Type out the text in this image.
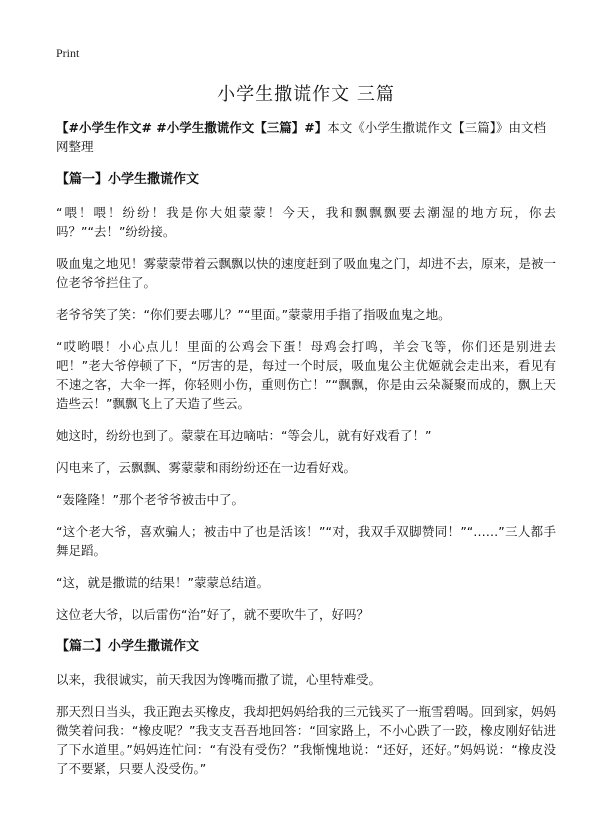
Print
小学生撒谎作文 三篇

【#小学生作文# #小学生撒谎作文【三篇】#】本文《小学生撒谎作文【三篇】》由文档网整理

【篇一】小学生撒谎作文

“喂！喂！纷纷！我是你大姐蒙蒙！今天，我和飘飘飘要去潮湿的地方玩，你去吗？”“去！”纷纷接。

吸血鬼之地见！雾蒙蒙带着云飘飘以快的速度赶到了吸血鬼之门，却进不去，原来，是被一位老爷爷拦住了。

老爷爷笑了笑：“你们要去哪儿？”“里面。”蒙蒙用手指了指吸血鬼之地。

“哎哟喂！小心点儿！里面的公鸡会下蛋！母鸡会打鸣，羊会飞等，你们还是别进去吧！”老大爷停顿了下，“厉害的是，每过一个时辰，吸血鬼公主优姬就会走出来，看见有不速之客，大伞一挥，你轻则小伤，重则伤亡！”“飘飘，你是由云朵凝聚而成的，飘上天造些云！”飘飘飞上了天造了些云。

她这时，纷纷也到了。蒙蒙在耳边嘀咕：“等会儿，就有好戏看了！”

闪电来了，云飘飘、雾蒙蒙和雨纷纷还在一边看好戏。

“轰隆隆！”那个老爷爷被击中了。

“这个老大爷，喜欢骗人；被击中了也是活该！”“对，我双手双脚赞同！”“……”三人都手舞足蹈。

“这，就是撒谎的结果！”蒙蒙总结道。

这位老大爷，以后雷伤“治”好了，就不要吹牛了，好吗？

【篇二】小学生撒谎作文

以来，我很诚实，前天我因为馋嘴而撒了谎，心里特难受。

那天烈日当头，我正跑去买橡皮，我却把妈妈给我的三元钱买了一瓶雪碧喝。回到家，妈妈微笑着问我：“橡皮呢？”我支支吾吾地回答：“回家路上，不小心跌了一跤，橡皮刚好钻进了下水道里。”妈妈连忙问：“有没有受伤？”我惭愧地说：“还好，还好。”妈妈说：“橡皮没了不要紧，只要人没受伤。”
